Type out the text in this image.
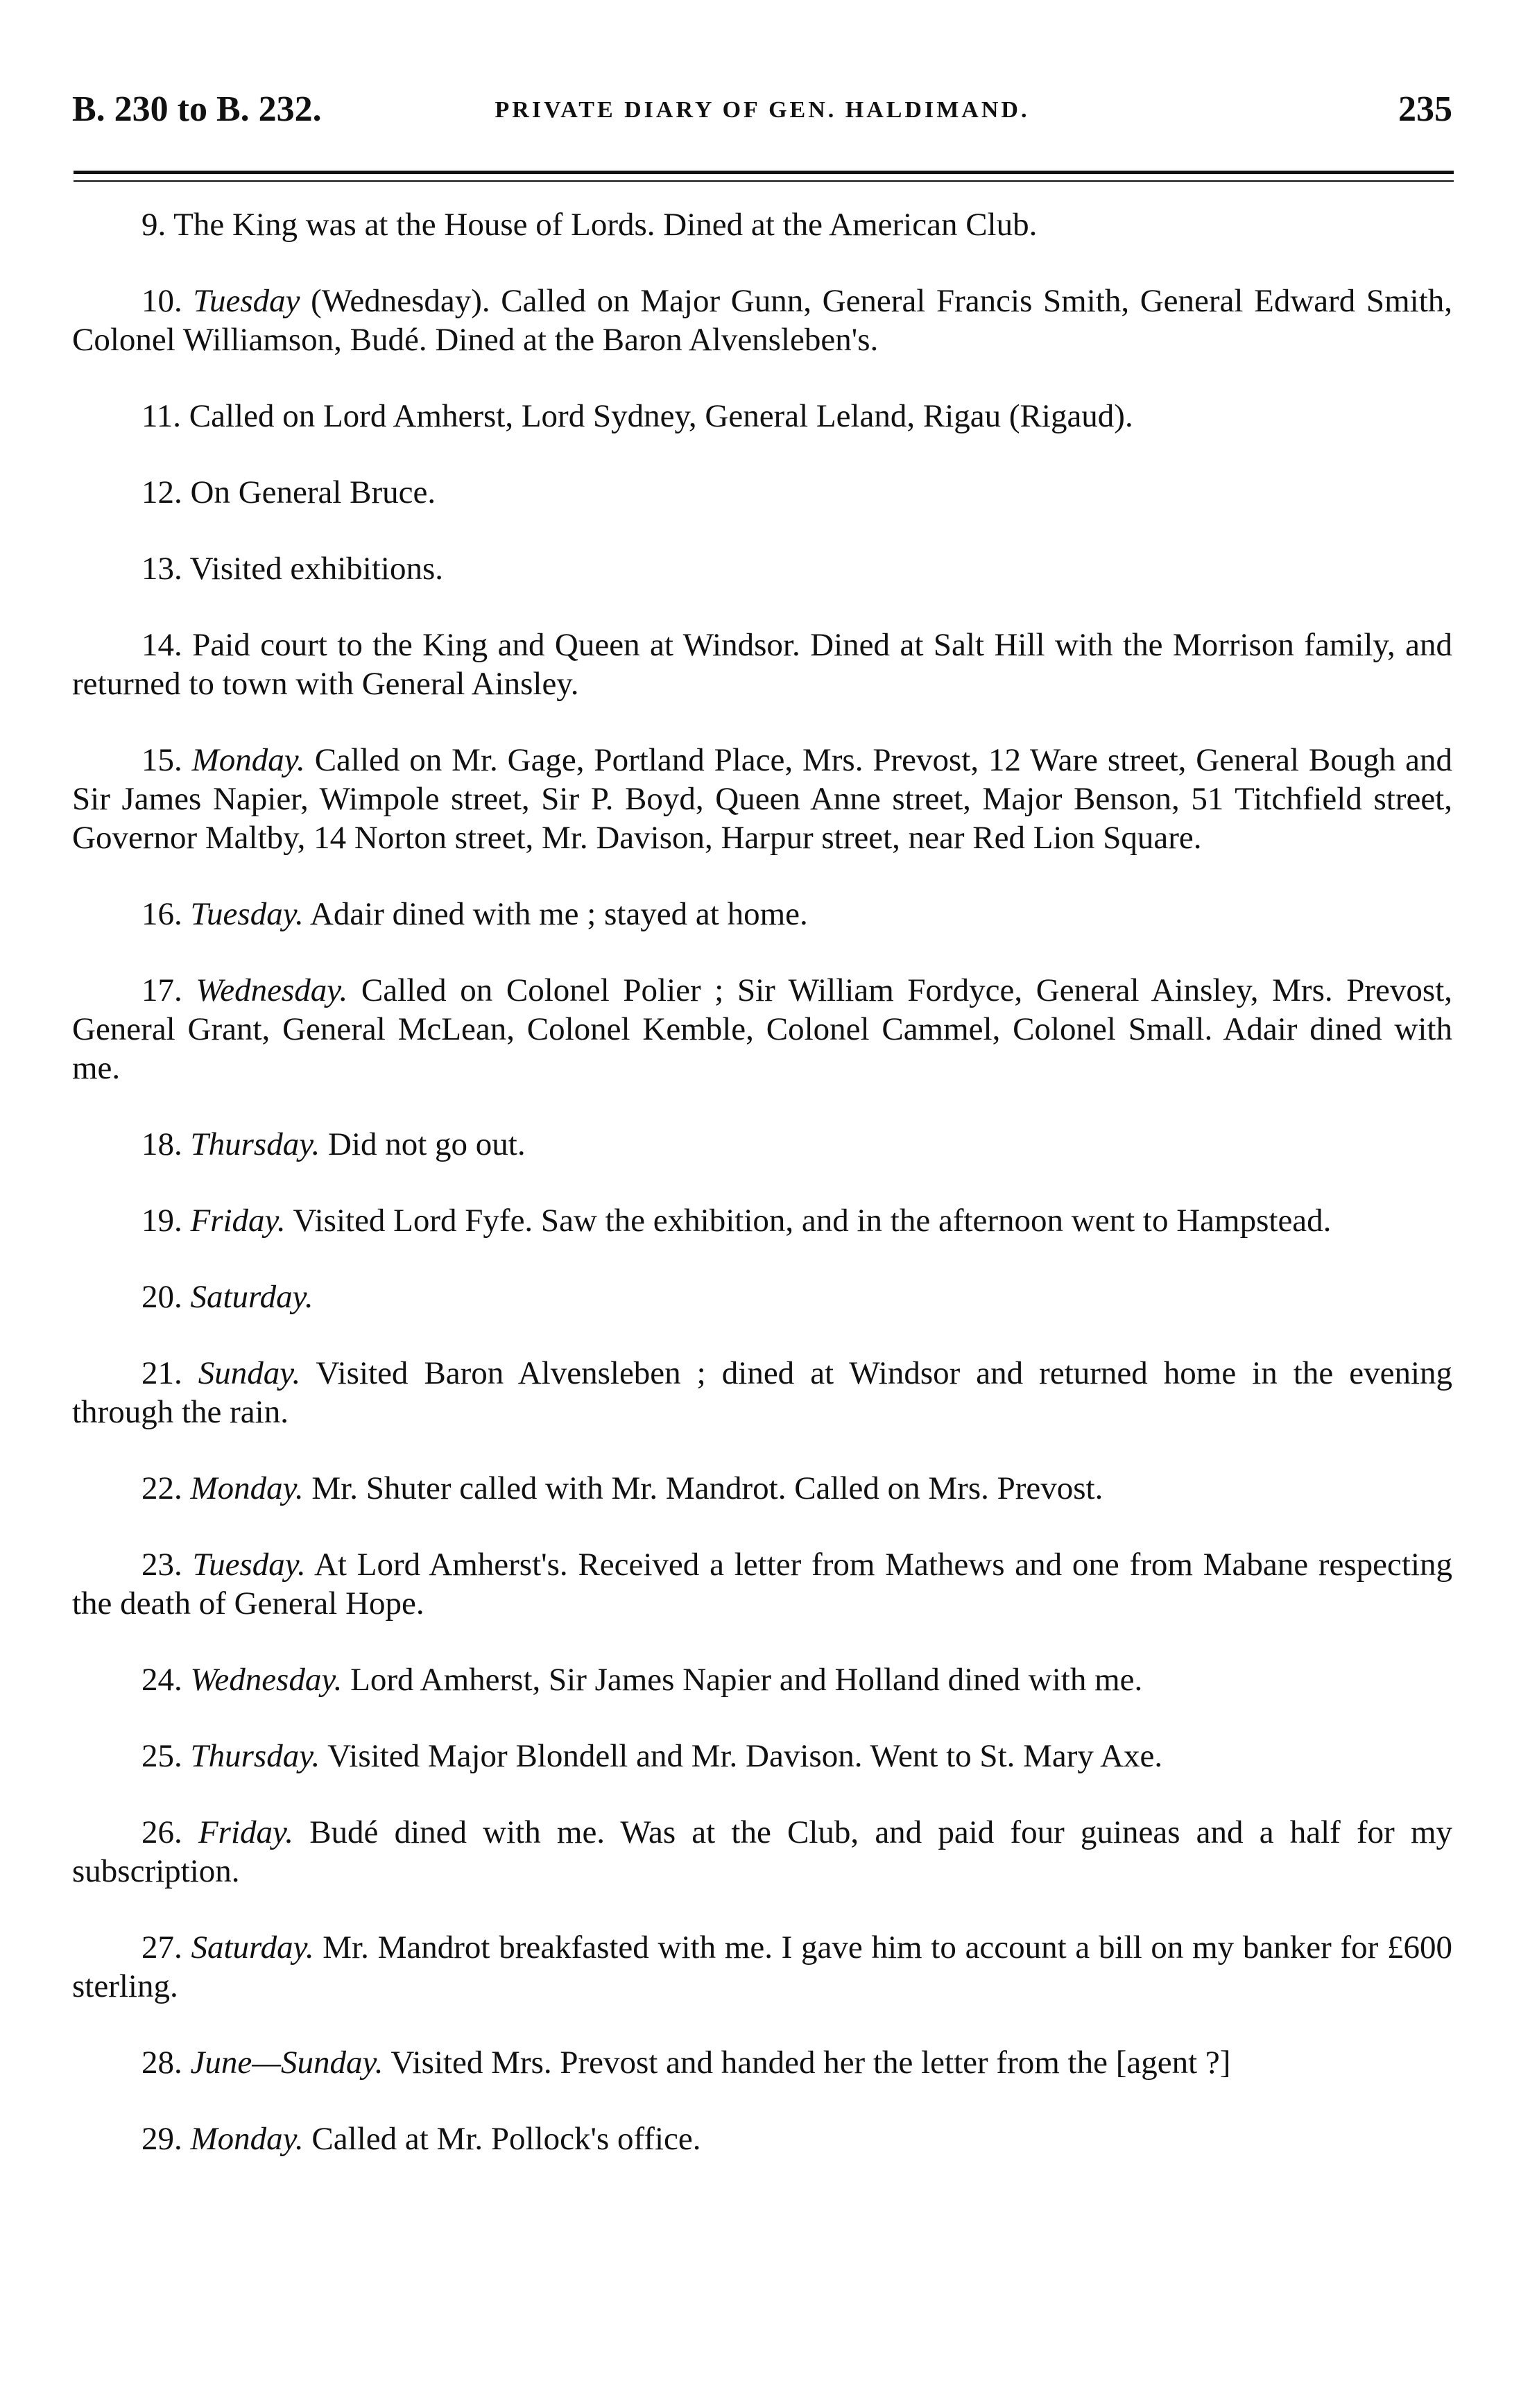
B. 230 to B. 232.	PRIVATE DIARY OF GEN. HALDIMAND.	235

9. The King was at the House of Lords. Dined at the American Club.

10. Tuesday (Wednesday). Called on Major Gunn, General Francis Smith, General Edward Smith, Colonel Williamson, Budé. Dined at the Baron Alvensleben's.

11. Called on Lord Amherst, Lord Sydney, General Leland, Rigau (Rigaud).

12. On General Bruce.

13. Visited exhibitions.

14. Paid court to the King and Queen at Windsor. Dined at Salt Hill with the Morrison family, and returned to town with General Ainsley.

15. Monday. Called on Mr. Gage, Portland Place, Mrs. Prevost, 12 Ware street, General Bough and Sir James Napier, Wimpole street, Sir P. Boyd, Queen Anne street, Major Benson, 51 Titchfield street, Governor Maltby, 14 Norton street, Mr. Davison, Harpur street, near Red Lion Square.

16. Tuesday. Adair dined with me ; stayed at home.

17. Wednesday. Called on Colonel Polier ; Sir William Fordyce, General Ainsley, Mrs. Prevost, General Grant, General McLean, Colonel Kemble, Colonel Cammel, Colonel Small. Adair dined with me.

18. Thursday. Did not go out.

19. Friday. Visited Lord Fyfe. Saw the exhibition, and in the afternoon went to Hampstead.

20. Saturday.

21. Sunday. Visited Baron Alvensleben ; dined at Windsor and returned home in the evening through the rain.

22. Monday. Mr. Shuter called with Mr. Mandrot. Called on Mrs. Prevost.

23. Tuesday. At Lord Amherst's. Received a letter from Mathews and one from Mabane respecting the death of General Hope.

24. Wednesday. Lord Amherst, Sir James Napier and Holland dined with me.

25. Thursday. Visited Major Blondell and Mr. Davison. Went to St. Mary Axe.

26. Friday. Budé dined with me. Was at the Club, and paid four guineas and a half for my subscription.

27. Saturday. Mr. Mandrot breakfasted with me. I gave him to account a bill on my banker for £600 sterling.

28. June—Sunday. Visited Mrs. Prevost and handed her the letter from the [agent ?]

29. Monday. Called at Mr. Pollock's office.
